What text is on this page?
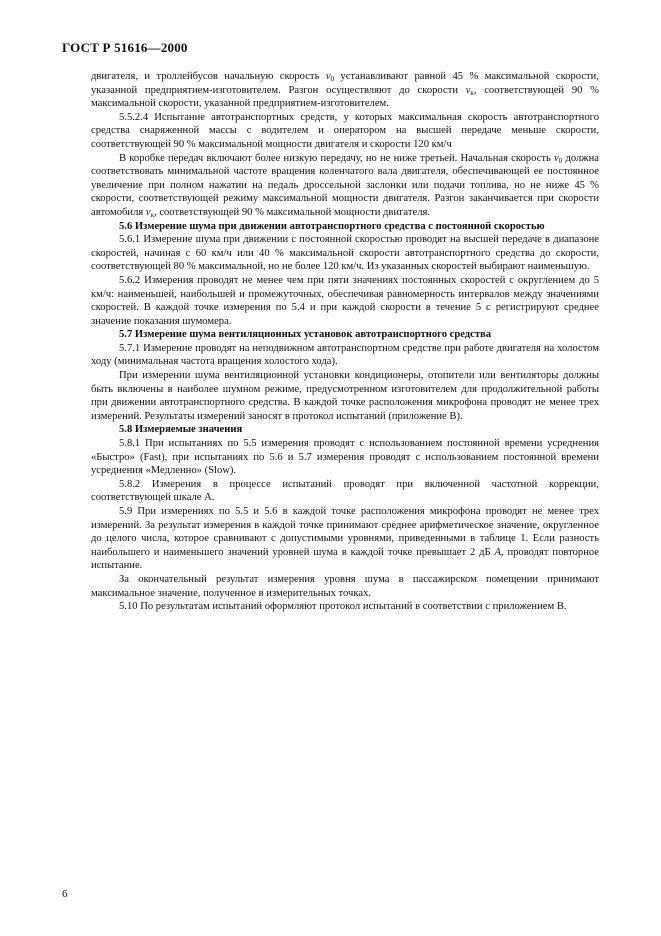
ГОСТ Р 51616—2000

двигателя, и троллейбусов начальную скорость $v_0$ устанавливают равной 45 % максимальной скорости, указанной предприятием-изготовителем. Разгон осуществляют до скорости $v_к$, соответствующей 90 % максимальной скорости, указанной предприятием-изготовителем.

5.5.2.4 Испытание автотранспортных средств, у которых максимальная скорость автотранспортного средства снаряженной массы с водителем и оператором на высшей передаче меньше скорости, соответствующей 90 % максимальной мощности двигателя и скорости 120 км/ч

В коробке передач включают более низкую передачу, но не ниже третьей. Начальная скорость $v_0$ должна соответствовать минимальной частоте вращения коленчатого вала двигателя, обеспечивающей ее постоянное увеличение при полном нажатии на педаль дроссельной заслонки или подачи топлива, но не ниже 45 % скорости, соответствующей режиму максимальной мощности двигателя. Разгон заканчивается при скорости автомобиля $v_к$, соответствующей 90 % максимальной мощности двигателя.

5.6 Измерение шума при движении автотранспортного средства с постоянной скоростью

5.6.1 Измерение шума при движении с постоянной скоростью проводят на высшей передаче в диапазоне скоростей, начиная с 60 км/ч или 40 % максимальной скорости автотранспортного средства до скорости, соответствующей 80 % максимальной, но не более 120 км/ч. Из указанных скоростей выбирают наименьшую.

5.6.2 Измерения проводят не менее чем при пяти значениях постоянных скоростей с округлением до 5 км/ч: наименьшей, наибольшей и промежуточных, обеспечивая равномерность интервалов между значениями скоростей. В каждой точке измерения по 5.4 и при каждой скорости в течение 5 с регистрируют среднее значение показания шумомера.

5.7 Измерение шума вентиляционных установок автотранспортного средства

5.7.1 Измерение проводят на неподвижном автотранспортном средстве при работе двигателя на холостом ходу (минимальная частота вращения холостого хода).

При измерении шума вентиляционной установки кондиционеры, отопители или вентиляторы должны быть включены в наиболее шумном режиме, предусмотренном изготовителем для продолжительной работы при движении автотранспортного средства. В каждой точке расположения микрофона проводят не менее трех измерений. Результаты измерений заносят в протокол испытаний (приложение В).

5.8 Измеряемые значения

5.8.1 При испытаниях по 5.5 измерения проводят с использованием постоянной времени усреднения «Быстро» (Fast), при испытаниях по 5.6 и 5.7 измерения проводят с использованием постоянной времени усреднения «Медленно» (Slow).

5.8.2 Измерения в процессе испытаний проводят при включенной частотной коррекции, соответствующей шкале А.

5.9 При измерениях по 5.5 и 5.6 в каждой точке расположения микрофона проводят не менее трех измерений. За результат измерения в каждой точке принимают среднее арифметическое значение, округленное до целого числа, которое сравнивают с допустимыми уровнями, приведенными в таблице 1. Если разность наибольшего и наименьшего значений уровней шума в каждой точке превышает 2 дБ А, проводят повторное испытание.

За окончательный результат измерения уровня шума в пассажирском помещении принимают максимальное значение, полученное в измерительных точках.

5.10 По результатам испытаний оформляют протокол испытаний в соответствии с приложением В.

6
